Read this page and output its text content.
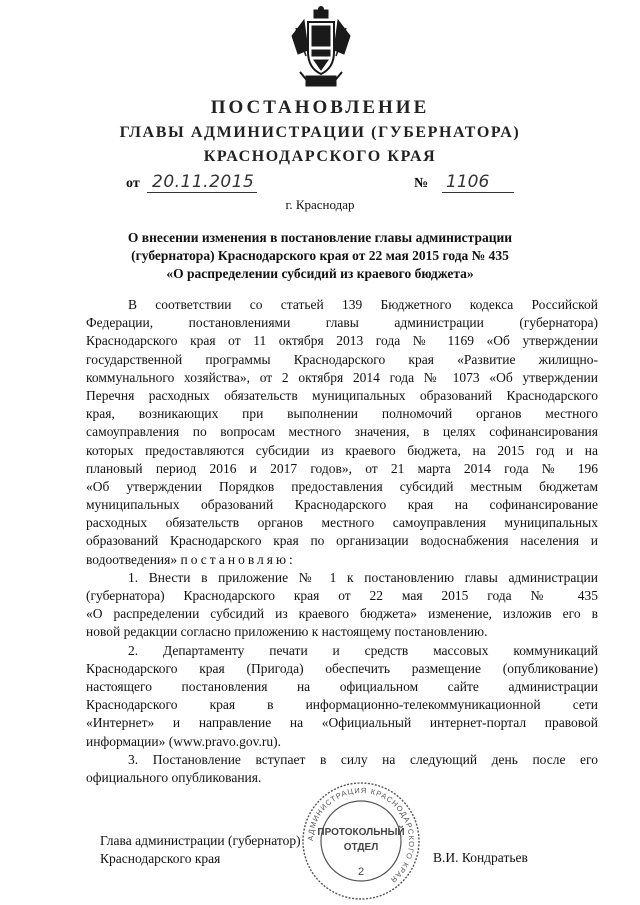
ПОСТАНОВЛЕНИЕ
ГЛАВЫ АДМИНИСТРАЦИИ (ГУБЕРНАТОРА)
КРАСНОДАРСКОГО КРАЯ
от 20.11.2015	№ 1106
г. Краснодар
О внесении изменения в постановление главы администрации
(губернатора) Краснодарского края от 22 мая 2015 года № 435
«О распределении субсидий из краевого бюджета»
В соответствии со статьей 139 Бюджетного кодекса Российской
Федерации, постановлениями главы администрации (губернатора)
Краснодарского края от 11 октября 2013 года № 1169 «Об утверждении
государственной программы Краснодарского края «Развитие жилищно-
коммунального хозяйства», от 2 октября 2014 года № 1073 «Об утверждении
Перечня расходных обязательств муниципальных образований Краснодарского
края, возникающих при выполнении полномочий органов местного
самоуправления по вопросам местного значения, в целях софинансирования
которых предоставляются субсидии из краевого бюджета, на 2015 год и на
плановый период 2016 и 2017 годов», от 21 марта 2014 года № 196
«Об утверждении Порядков предоставления субсидий местным бюджетам
муниципальных образований Краснодарского края на софинансирование
расходных обязательств органов местного самоуправления муниципальных
образований Краснодарского края по организации водоснабжения населения и
водоотведения» постановляю:
1. Внести в приложение № 1 к постановлению главы администрации
(губернатора) Краснодарского края от 22 мая 2015 года № 435
«О распределении субсидий из краевого бюджета» изменение, изложив его в
новой редакции согласно приложению к настоящему постановлению.
2. Департаменту печати и средств массовых коммуникаций
Краснодарского края (Пригода) обеспечить размещение (опубликование)
настоящего постановления на официальном сайте администрации
Краснодарского края в информационно-телекоммуникационной сети
«Интернет» и направление на «Официальный интернет-портал правовой
информации» (www.pravo.gov.ru).
3. Постановление вступает в силу на следующий день после его
официального опубликования.
Глава администрации (губернатор)
Краснодарского края	В.И. Кондратьев
АДМИНИСТРАЦИЯ КРАСНОДАРСКОГО КРАЯ
ПРОТОКОЛЬНЫЙ
ОТДЕЛ
2
